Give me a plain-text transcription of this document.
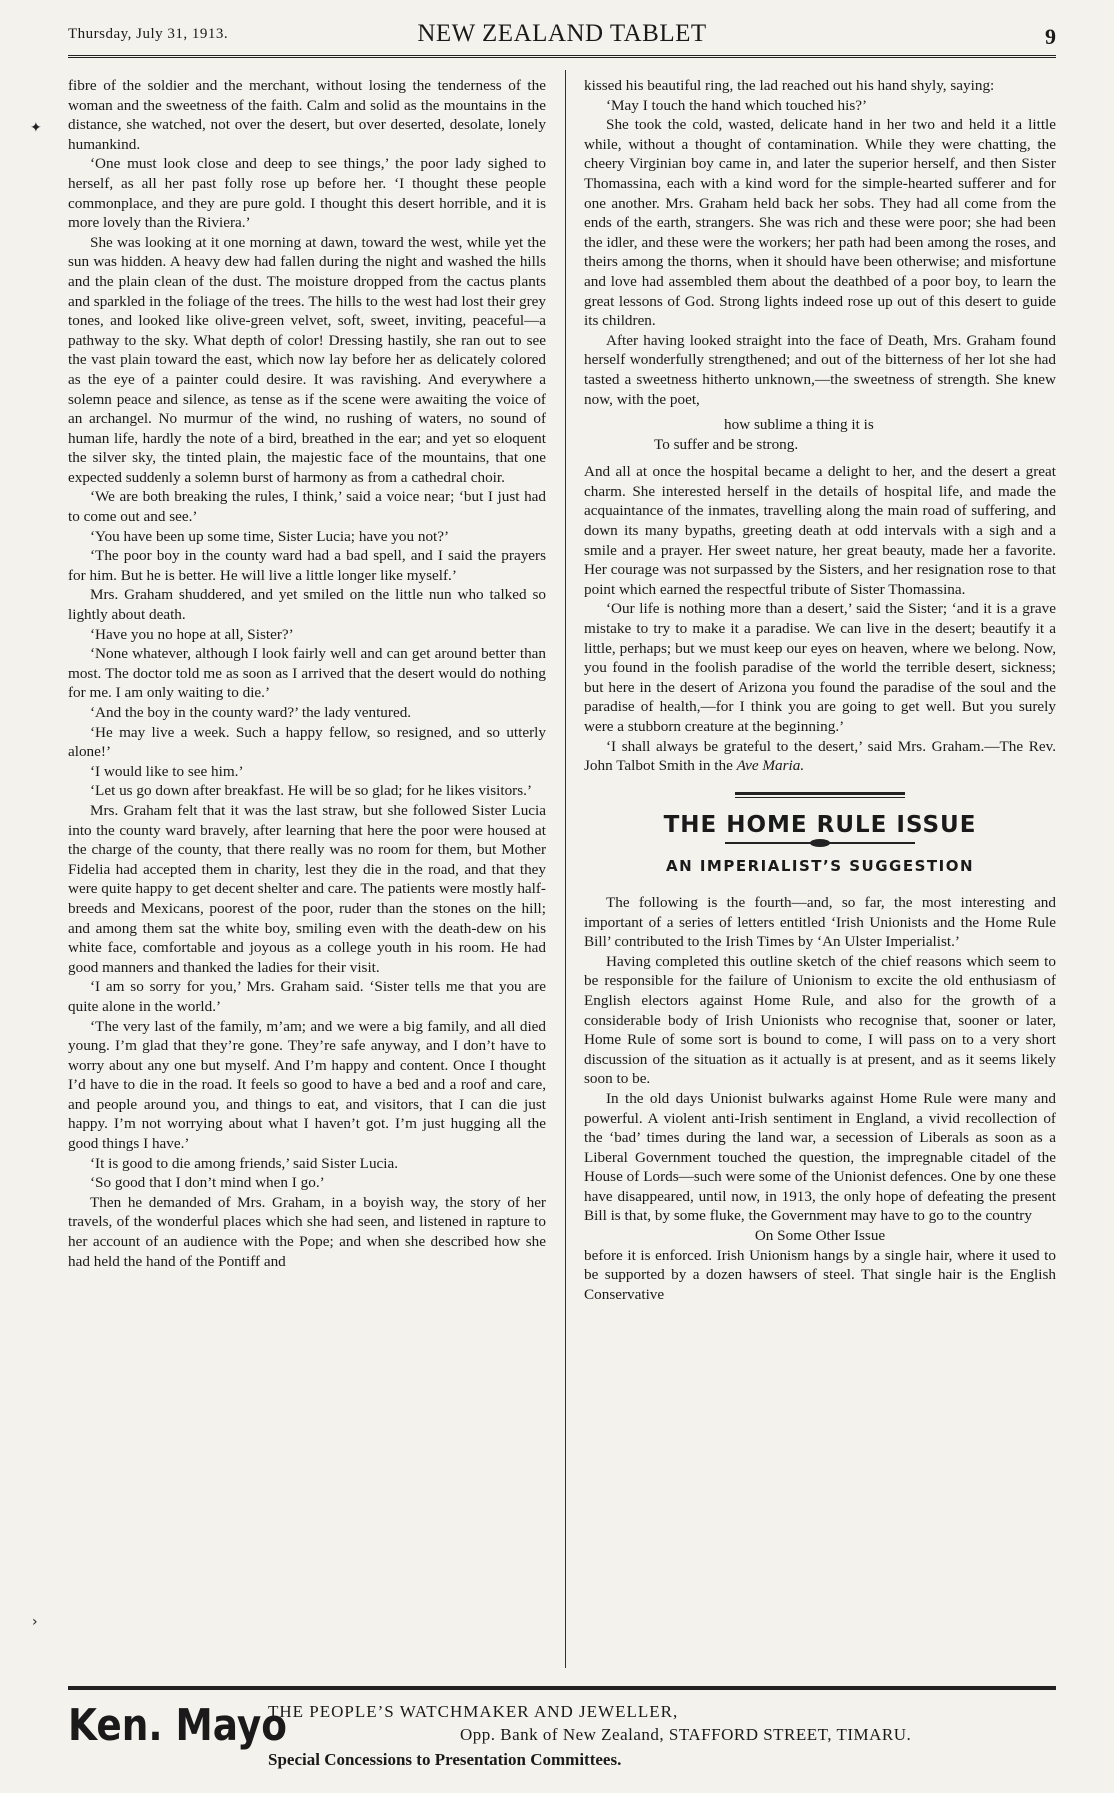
Thursday, July 31, 1913.	NEW ZEALAND TABLET	9

fibre of the soldier and the merchant, without losing the tenderness of the woman and the sweetness of the faith. Calm and solid as the mountains in the distance, she watched, not over the desert, but over deserted, desolate, lonely humankind.

‘One must look close and deep to see things,’ the poor lady sighed to herself, as all her past folly rose up before her. ‘I thought these people commonplace, and they are pure gold. I thought this desert horrible, and it is more lovely than the Riviera.’

She was looking at it one morning at dawn, toward the west, while yet the sun was hidden. A heavy dew had fallen during the night and washed the hills and the plain clean of the dust. The moisture dropped from the cactus plants and sparkled in the foliage of the trees. The hills to the west had lost their grey tones, and looked like olive-green velvet, soft, sweet, inviting, peaceful—a pathway to the sky. What depth of color! Dressing hastily, she ran out to see the vast plain toward the east, which now lay before her as delicately colored as the eye of a painter could desire. It was ravishing. And everywhere a solemn peace and silence, as tense as if the scene were awaiting the voice of an archangel. No murmur of the wind, no rushing of waters, no sound of human life, hardly the note of a bird, breathed in the ear; and yet so eloquent the silver sky, the tinted plain, the majestic face of the mountains, that one expected suddenly a solemn burst of harmony as from a cathedral choir.

‘We are both breaking the rules, I think,’ said a voice near; ‘but I just had to come out and see.’

‘You have been up some time, Sister Lucia; have you not?’

‘The poor boy in the county ward had a bad spell, and I said the prayers for him. But he is better. He will live a little longer like myself.’

Mrs. Graham shuddered, and yet smiled on the little nun who talked so lightly about death.

‘Have you no hope at all, Sister?’

‘None whatever, although I look fairly well and can get around better than most. The doctor told me as soon as I arrived that the desert would do nothing for me. I am only waiting to die.’

‘And the boy in the county ward?’ the lady ventured.

‘He may live a week. Such a happy fellow, so resigned, and so utterly alone!’

‘I would like to see him.’

‘Let us go down after breakfast. He will be so glad; for he likes visitors.’

Mrs. Graham felt that it was the last straw, but she followed Sister Lucia into the county ward bravely, after learning that here the poor were housed at the charge of the county, that there really was no room for them, but Mother Fidelia had accepted them in charity, lest they die in the road, and that they were quite happy to get decent shelter and care. The patients were mostly half-breeds and Mexicans, poorest of the poor, ruder than the stones on the hill; and among them sat the white boy, smiling even with the death-dew on his white face, comfortable and joyous as a college youth in his room. He had good manners and thanked the ladies for their visit.

‘I am so sorry for you,’ Mrs. Graham said. ‘Sister tells me that you are quite alone in the world.’

‘The very last of the family, m’am; and we were a big family, and all died young. I’m glad that they’re gone. They’re safe anyway, and I don’t have to worry about any one but myself. And I’m happy and content. Once I thought I’d have to die in the road. It feels so good to have a bed and a roof and care, and people around you, and things to eat, and visitors, that I can die just happy. I’m not worrying about what I haven’t got. I’m just hugging all the good things I have.’

‘It is good to die among friends,’ said Sister Lucia.

‘So good that I don’t mind when I go.’

Then he demanded of Mrs. Graham, in a boyish way, the story of her travels, of the wonderful places which she had seen, and listened in rapture to her account of an audience with the Pope; and when she described how she had held the hand of the Pontiff and

kissed his beautiful ring, the lad reached out his hand shyly, saying:

‘May I touch the hand which touched his?’

She took the cold, wasted, delicate hand in her two and held it a little while, without a thought of contamination. While they were chatting, the cheery Virginian boy came in, and later the superior herself, and then Sister Thomassina, each with a kind word for the simple-hearted sufferer and for one another. Mrs. Graham held back her sobs. They had all come from the ends of the earth, strangers. She was rich and these were poor; she had been the idler, and these were the workers; her path had been among the roses, and theirs among the thorns, when it should have been otherwise; and misfortune and love had assembled them about the deathbed of a poor boy, to learn the great lessons of God. Strong lights indeed rose up out of this desert to guide its children.

After having looked straight into the face of Death, Mrs. Graham found herself wonderfully strengthened; and out of the bitterness of her lot she had tasted a sweetness hitherto unknown,—the sweetness of strength. She knew now, with the poet,

how sublime a thing it is
To suffer and be strong.

And all at once the hospital became a delight to her, and the desert a great charm. She interested herself in the details of hospital life, and made the acquaintance of the inmates, travelling along the main road of suffering, and down its many bypaths, greeting death at odd intervals with a sigh and a smile and a prayer. Her sweet nature, her great beauty, made her a favorite. Her courage was not surpassed by the Sisters, and her resignation rose to that point which earned the respectful tribute of Sister Thomassina.

‘Our life is nothing more than a desert,’ said the Sister; ‘and it is a grave mistake to try to make it a paradise. We can live in the desert; beautify it a little, perhaps; but we must keep our eyes on heaven, where we belong. Now, you found in the foolish paradise of the world the terrible desert, sickness; but here in the desert of Arizona you found the paradise of the soul and the paradise of health,—for I think you are going to get well. But you surely were a stubborn creature at the beginning.’

‘I shall always be grateful to the desert,’ said Mrs. Graham.—The Rev. John Talbot Smith in the Ave Maria.

THE HOME RULE ISSUE
AN IMPERIALIST’S SUGGESTION

The following is the fourth—and, so far, the most interesting and important of a series of letters entitled ‘Irish Unionists and the Home Rule Bill’ contributed to the Irish Times by ‘An Ulster Imperialist.’

Having completed this outline sketch of the chief reasons which seem to be responsible for the failure of Unionism to excite the old enthusiasm of English electors against Home Rule, and also for the growth of a considerable body of Irish Unionists who recognise that, sooner or later, Home Rule of some sort is bound to come, I will pass on to a very short discussion of the situation as it actually is at present, and as it seems likely soon to be.

In the old days Unionist bulwarks against Home Rule were many and powerful. A violent anti-Irish sentiment in England, a vivid recollection of the ‘bad’ times during the land war, a secession of Liberals as soon as a Liberal Government touched the question, the impregnable citadel of the House of Lords—such were some of the Unionist defences. One by one these have disappeared, until now, in 1913, the only hope of defeating the present Bill is that, by some fluke, the Government may have to go to the country

On Some Other Issue

before it is enforced. Irish Unionism hangs by a single hair, where it used to be supported by a dozen hawsers of steel. That single hair is the English Conservative

✦
›
Ken. Mayo
THE PEOPLE’S WATCHMAKER AND JEWELLER,
Opp. Bank of New Zealand, STAFFORD STREET, TIMARU.
Special Concessions to Presentation Committees.
